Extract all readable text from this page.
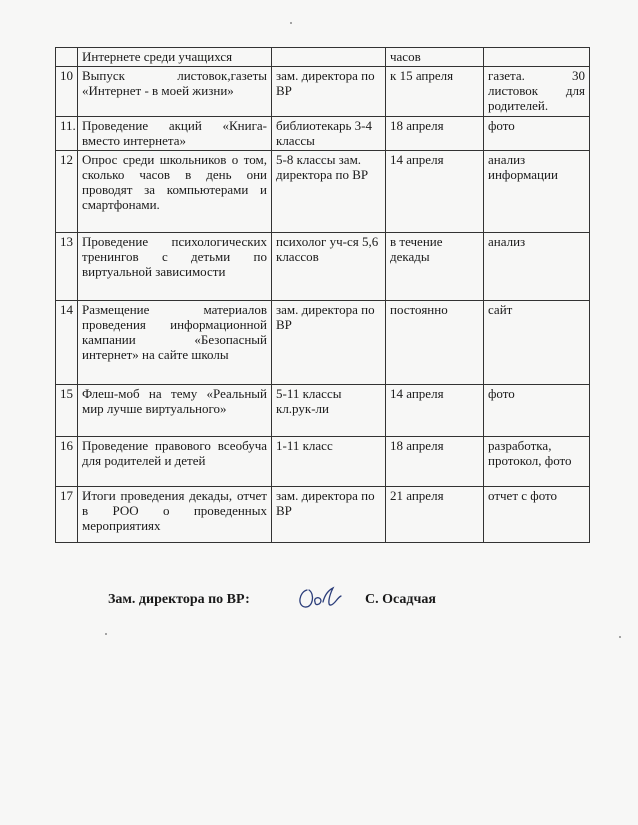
	Интернете среди учащихся		часов	
10	Выпуск листовок,газеты «Интернет - в моей жизни»	зам. директора по ВР	к 15 апреля	газета. 30 листовок для родителей.
11.	Проведение акций «Книга-вместо интернета»	библиотекарь 3-4 классы	18 апреля	фото
12	Опрос среди школьников о том, сколько часов в день они проводят за компьютерами и смартфонами.	5-8 классы зам. директора по ВР	14 апреля	анализ информации
13	Проведение психологических тренингов с детьми по виртуальной зависимости	психолог уч-ся 5,6 классов	в течение декады	анализ
14	Размещение материалов проведения информационной кампании «Безопасный интернет» на сайте школы	зам. директора по ВР	постоянно	сайт
15	Флеш-моб на тему «Реальный мир лучше виртуального»	5-11 классы кл.рук-ли	14 апреля	фото
16	Проведение правового всеобуча для родителей и детей	1-11 класс	18 апреля	разработка, протокол, фото
17	Итоги проведения декады, отчет в РОО о проведенных мероприятиях	зам. директора по ВР	21 апреля	отчет с фото
Зам. директора по ВР:	С. Осадчая
